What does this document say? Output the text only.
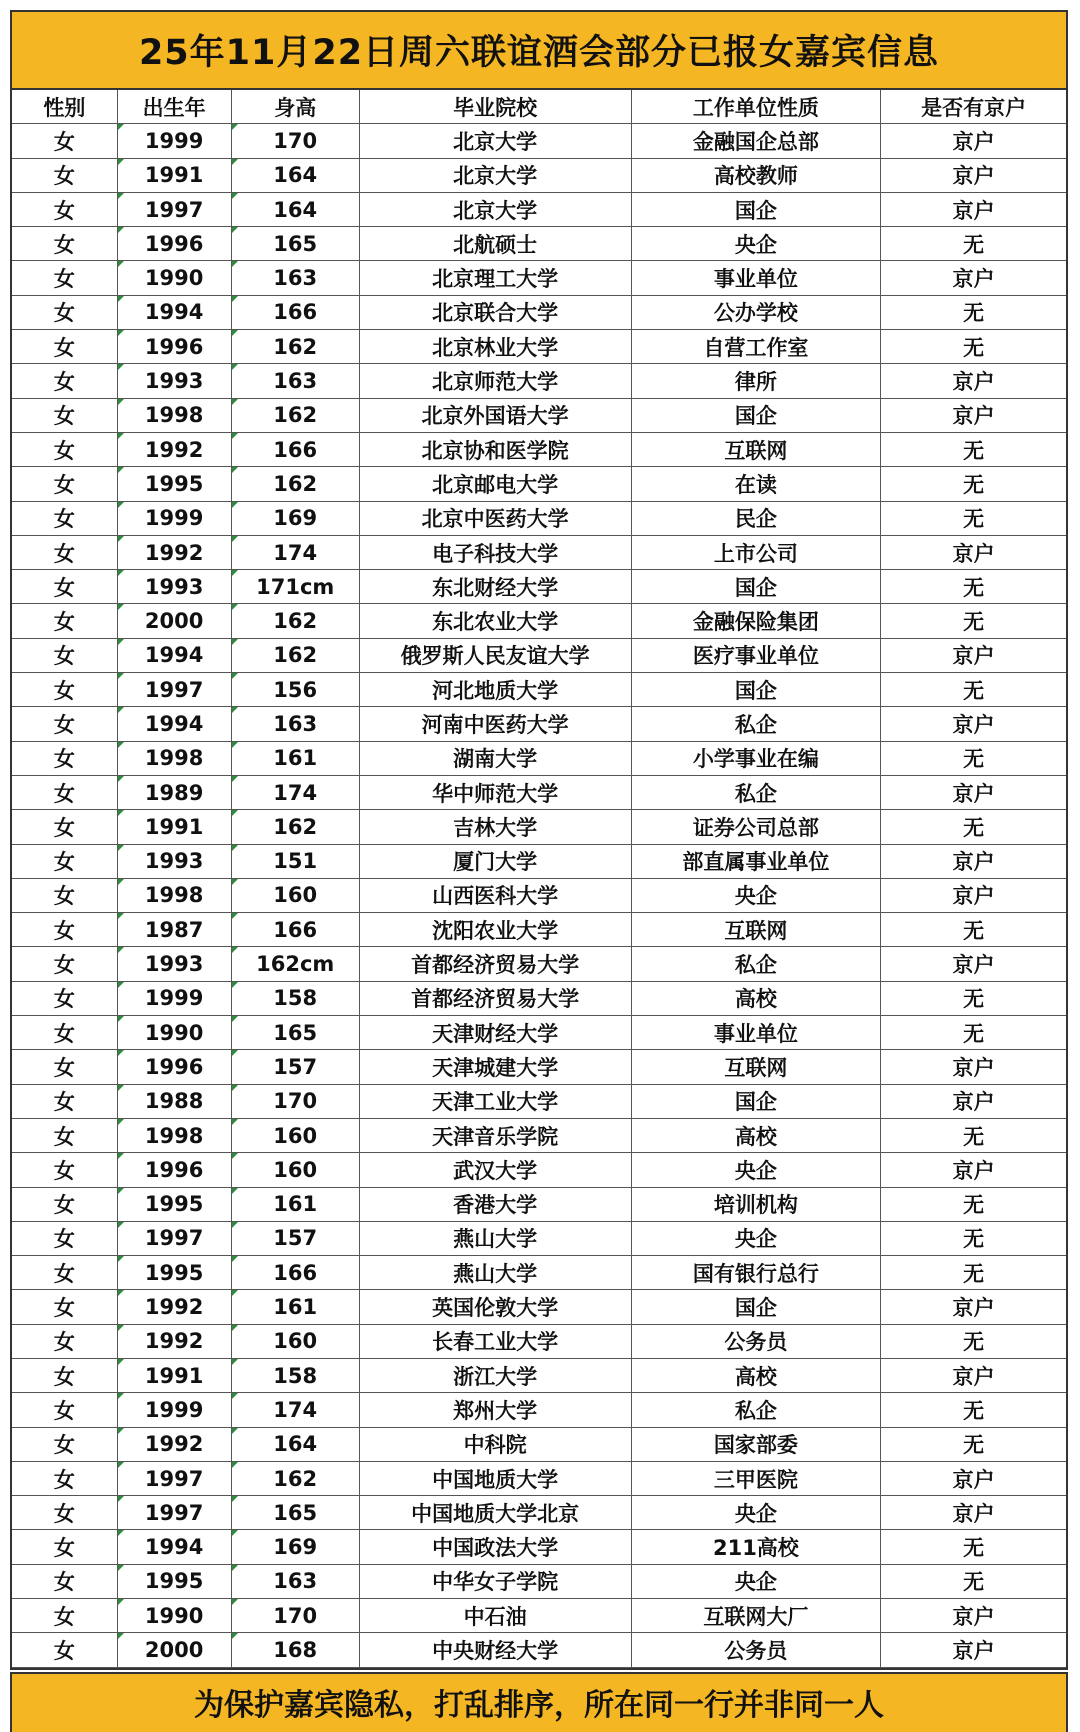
25年11月22日周六联谊酒会部分已报女嘉宾信息
性别	出生年	身高	毕业院校	工作单位性质	是否有京户
女	1999	170	北京大学	金融国企总部	京户
女	1991	164	北京大学	高校教师	京户
女	1997	164	北京大学	国企	京户
女	1996	165	北航硕士	央企	无
女	1990	163	北京理工大学	事业单位	京户
女	1994	166	北京联合大学	公办学校	无
女	1996	162	北京林业大学	自营工作室	无
女	1993	163	北京师范大学	律所	京户
女	1998	162	北京外国语大学	国企	京户
女	1992	166	北京协和医学院	互联网	无
女	1995	162	北京邮电大学	在读	无
女	1999	169	北京中医药大学	民企	无
女	1992	174	电子科技大学	上市公司	京户
女	1993	171cm	东北财经大学	国企	无
女	2000	162	东北农业大学	金融保险集团	无
女	1994	162	俄罗斯人民友谊大学	医疗事业单位	京户
女	1997	156	河北地质大学	国企	无
女	1994	163	河南中医药大学	私企	京户
女	1998	161	湖南大学	小学事业在编	无
女	1989	174	华中师范大学	私企	京户
女	1991	162	吉林大学	证券公司总部	无
女	1993	151	厦门大学	部直属事业单位	京户
女	1998	160	山西医科大学	央企	京户
女	1987	166	沈阳农业大学	互联网	无
女	1993	162cm	首都经济贸易大学	私企	京户
女	1999	158	首都经济贸易大学	高校	无
女	1990	165	天津财经大学	事业单位	无
女	1996	157	天津城建大学	互联网	京户
女	1988	170	天津工业大学	国企	京户
女	1998	160	天津音乐学院	高校	无
女	1996	160	武汉大学	央企	京户
女	1995	161	香港大学	培训机构	无
女	1997	157	燕山大学	央企	无
女	1995	166	燕山大学	国有银行总行	无
女	1992	161	英国伦敦大学	国企	京户
女	1992	160	长春工业大学	公务员	无
女	1991	158	浙江大学	高校	京户
女	1999	174	郑州大学	私企	无
女	1992	164	中科院	国家部委	无
女	1997	162	中国地质大学	三甲医院	京户
女	1997	165	中国地质大学北京	央企	京户
女	1994	169	中国政法大学	211高校	无
女	1995	163	中华女子学院	央企	无
女	1990	170	中石油	互联网大厂	京户
女	2000	168	中央财经大学	公务员	京户
为保护嘉宾隐私，打乱排序，所在同一行并非同一人
